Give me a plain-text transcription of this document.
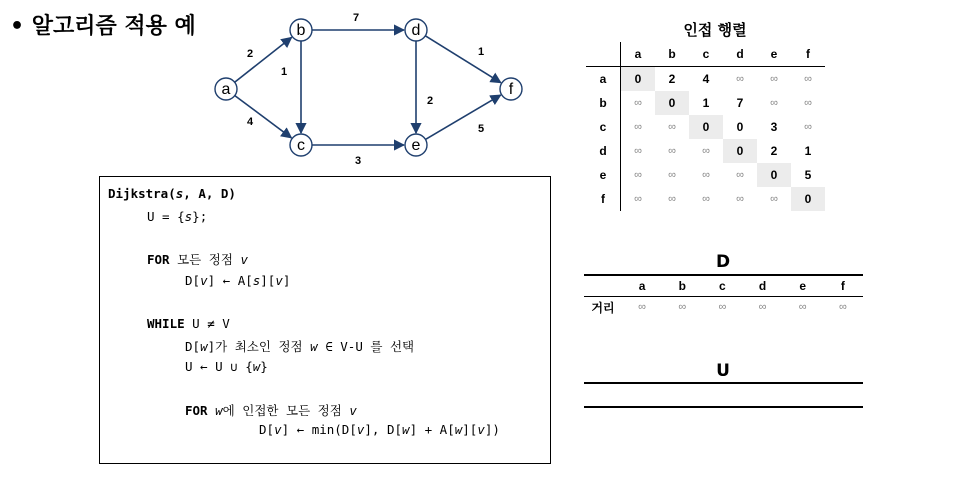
• 알고리즘 적용 예
2
4
1
7
3
2
1
5
a
b
c
d
e
f
인접 행렬
	a	b	c	d	e	f
a	0	2	4	∞	∞	∞
b	∞	0	1	7	∞	∞
c	∞	∞	0	0	3	∞
d	∞	∞	∞	0	2	1
e	∞	∞	∞	∞	0	5
f	∞	∞	∞	∞	∞	0
D
	a	b	c	d	e	f
거리	∞	∞	∞	∞	∞	∞
U
Dijkstra(s, A, D)
U = {s};
FOR 모든 정점 v
D[v] ← A[s][v]
WHILE U ≠ V
D[w]가 최소인 정점 w ∈ V-U 를 선택
U ← U ∪ {w}
FOR w에 인접한 모든 정점 v
D[v] ← min(D[v], D[w] + A[w][v])
